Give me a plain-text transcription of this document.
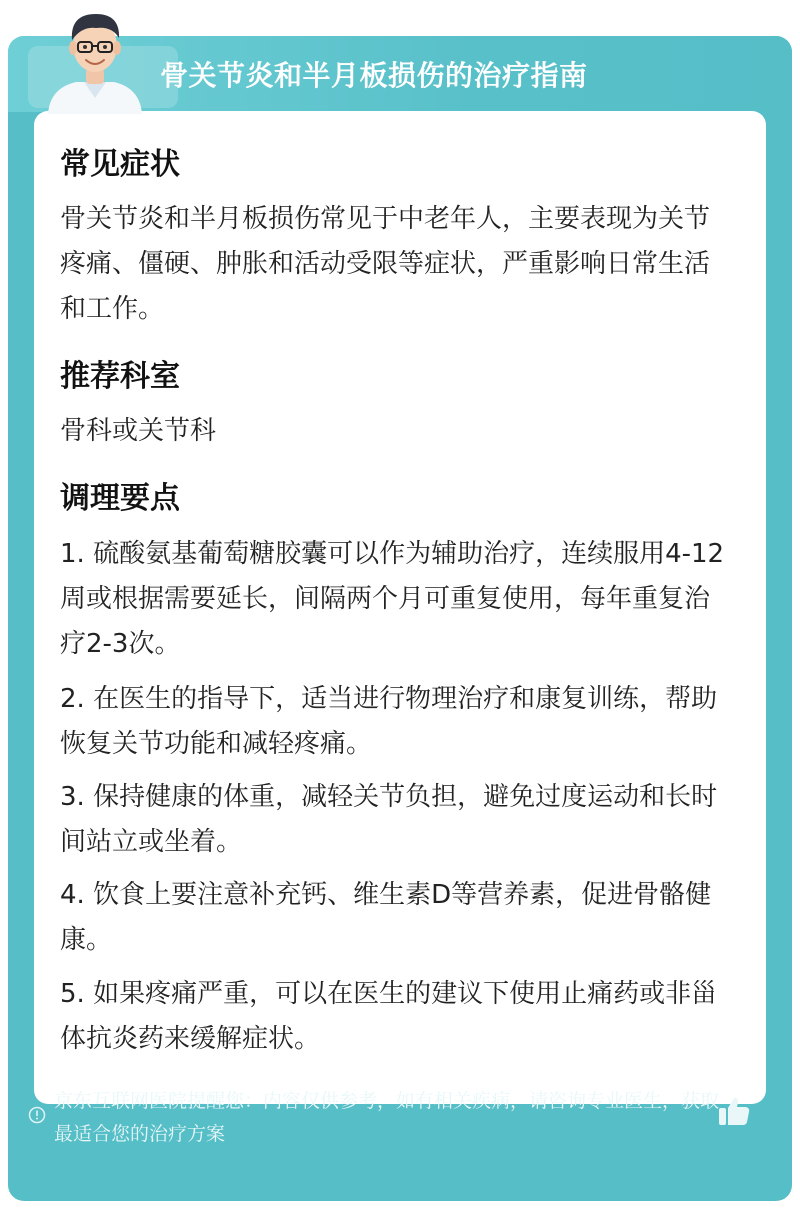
骨关节炎和半月板损伤的治疗指南
常见症状
骨关节炎和半月板损伤常见于中老年人，主要表现为关节疼痛、僵硬、肿胀和活动受限等症状，严重影响日常生活和工作。
推荐科室
骨科或关节科
调理要点
1. 硫酸氨基葡萄糖胶囊可以作为辅助治疗，连续服用4-12周或根据需要延长，间隔两个月可重复使用，每年重复治疗2-3次。
2. 在医生的指导下，适当进行物理治疗和康复训练，帮助恢复关节功能和减轻疼痛。
3. 保持健康的体重，减轻关节负担，避免过度运动和长时间站立或坐着。
4. 饮食上要注意补充钙、维生素D等营养素，促进骨骼健康。
5. 如果疼痛严重，可以在医生的建议下使用止痛药或非甾体抗炎药来缓解症状。
京东互联网医院提醒您：内容仅供参考，如有相关疾病，请咨询专业医生，获取最适合您的治疗方案
